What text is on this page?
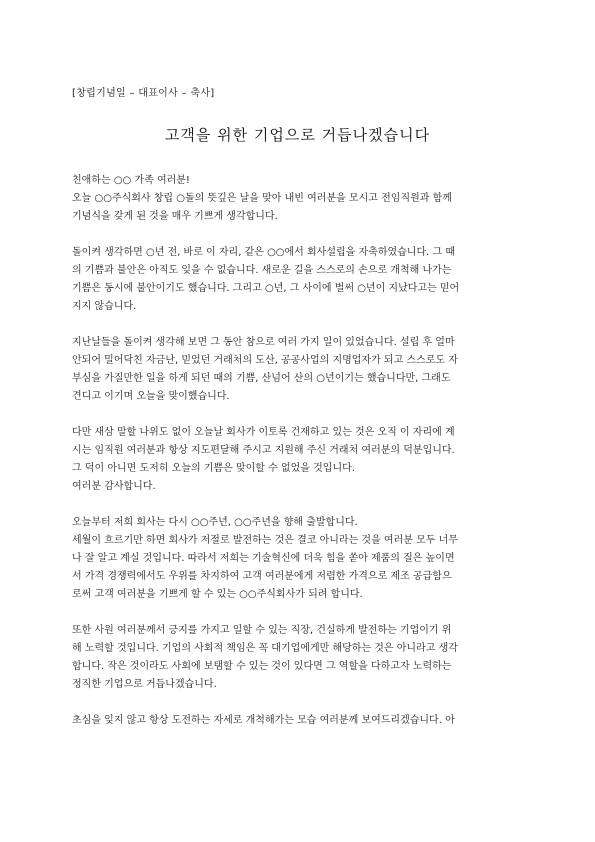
[창립기념일 – 대표이사 – 축사]
고객을 위한 기업으로 거듭나겠습니다

친애하는 ○○ 가족 여러분!
오늘 ○○주식회사 창립 ○돌의 뜻깊은 날을 맞아 내빈 여러분을 모시고 전임직원과 함께
기념식을 갖게 된 것을 매우 기쁘게 생각합니다.

돌이켜 생각하면 ○년 전, 바로 이 자리, 같은 ○○에서 회사설립을 자축하였습니다. 그 때
의 기쁨과 불안은 아직도 잊을 수 없습니다. 새로운 길을 스스로의 손으로 개척해 나가는
기쁨은 동시에 불안이기도 했습니다. 그리고 ○년, 그 사이에 벌써 ○년이 지났다고는 믿어
지지 않습니다.

지난날들을 돌이켜 생각해 보면 그 동안 참으로 여러 가지 일이 있었습니다. 설립 후 얼마
안되어 밀어닥친 자금난, 믿었던 거래처의 도산, 공공사업의 지명업자가 되고 스스로도 자
부심을 가질만한 일을 하게 되던 때의 기쁨, 산넘어 산의 ○년이기는 했습니다만, 그래도
견디고 이기며 오늘을 맞이했습니다.

다만 새삼 말할 나위도 없이 오늘날 회사가 이토록 건재하고 있는 것은 오직 이 자리에 계
시는 임직원 여러분과 항상 지도편달해 주시고 지원해 주신 거래처 여러분의 덕분입니다.
그 덕이 아니면 도저히 오늘의 기쁨은 맞이할 수 없었을 것입니다.
여러분 감사합니다.

오늘부터 저희 회사는 다시 ○○주년, ○○주년을 향해 출발합니다.
세월이 흐르기만 하면 회사가 저절로 발전하는 것은 결코 아니라는 것을 여러분 모두 너무
나 잘 알고 계실 것입니다. 따라서 저희는 기술혁신에 더욱 힘을 쏟아 제품의 질은 높이면
서 가격 경쟁력에서도 우위를 차지하여 고객 여러분에게 저렴한 가격으로 제조 공급함으
로써 고객 여러분을 기쁘게 할 수 있는 ○○주식회사가 되려 합니다.

또한 사원 여러분께서 긍지를 가지고 일할 수 있는 직장, 건실하게 발전하는 기업이기 위
해 노력할 것입니다. 기업의 사회적 책임은 꼭 대기업에게만 해당하는 것은 아니라고 생각
합니다. 작은 것이라도 사회에 보탬할 수 있는 것이 있다면 그 역할을 다하고자 노력하는
정직한 기업으로 거듭나겠습니다.

초심을 잊지 않고 항상 도전하는 자세로 개척해가는 모습 여러분께 보여드리겠습니다. 아
